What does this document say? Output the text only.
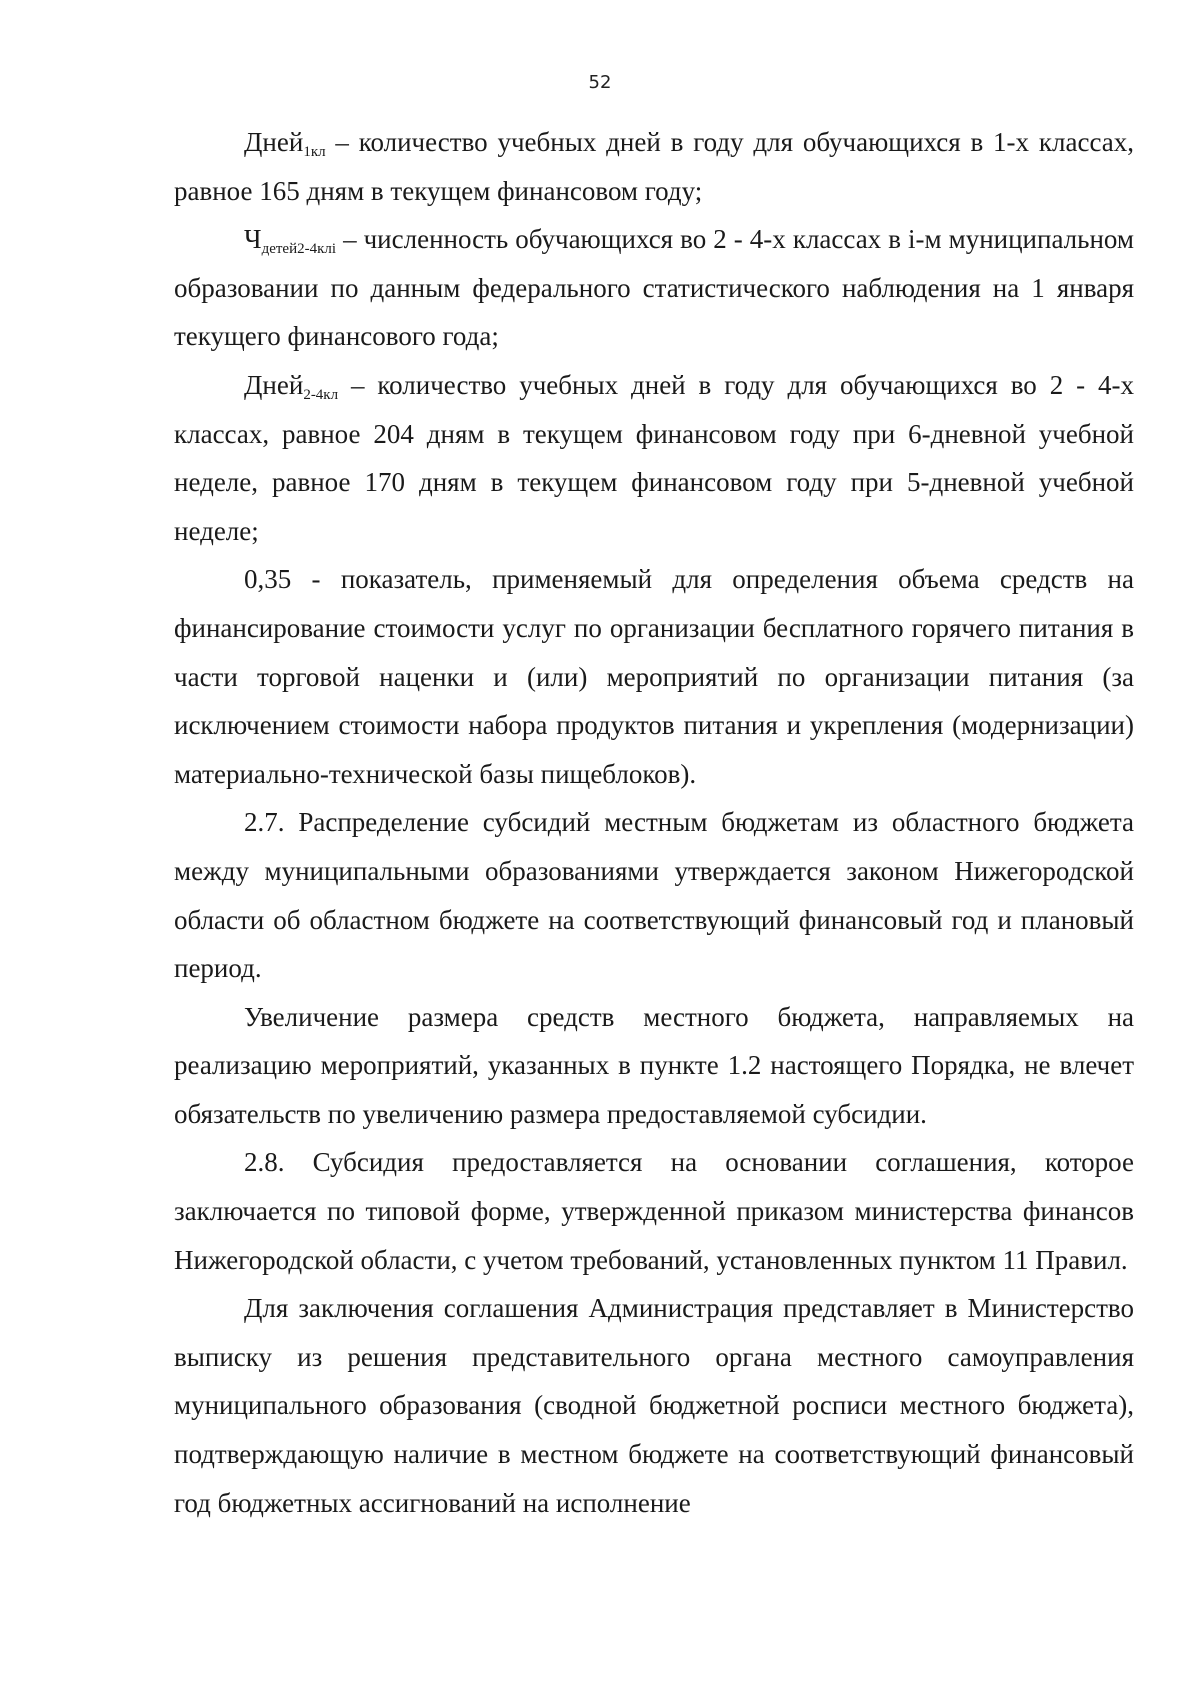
52

Дней$_{1кл}$ – количество учебных дней в году для обучающихся в 1-х классах, равное 165 дням в текущем финансовом году;

$Ч_{детей2-4клi}$ – численность обучающихся во 2 - 4-х классах в i-м муниципальном образовании по данным федерального статистического наблюдения на 1 января текущего финансового года;

Дней$_{2-4кл}$ – количество учебных дней в году для обучающихся во 2 - 4-х классах, равное 204 дням в текущем финансовом году при 6-дневной учебной неделе, равное 170 дням в текущем финансовом году при 5-дневной учебной неделе;

0,35 - показатель, применяемый для определения объема средств на финансирование стоимости услуг по организации бесплатного горячего питания в части торговой наценки и (или) мероприятий по организации питания (за исключением стоимости набора продуктов питания и укрепления (модернизации) материально-технической базы пищеблоков).

2.7. Распределение субсидий местным бюджетам из областного бюджета между муниципальными образованиями утверждается законом Нижегородской области об областном бюджете на соответствующий финансовый год и плановый период.

Увеличение размера средств местного бюджета, направляемых на реализацию мероприятий, указанных в пункте 1.2 настоящего Порядка, не влечет обязательств по увеличению размера предоставляемой субсидии.

2.8. Субсидия предоставляется на основании соглашения, которое заключается по типовой форме, утвержденной приказом министерства финансов Нижегородской области, с учетом требований, установленных пунктом 11 Правил.

Для заключения соглашения Администрация представляет в Министерство выписку из решения представительного органа местного самоуправления муниципального образования (сводной бюджетной росписи местного бюджета), подтверждающую наличие в местном бюджете на соответствующий финансовый год бюджетных ассигнований на исполнение
